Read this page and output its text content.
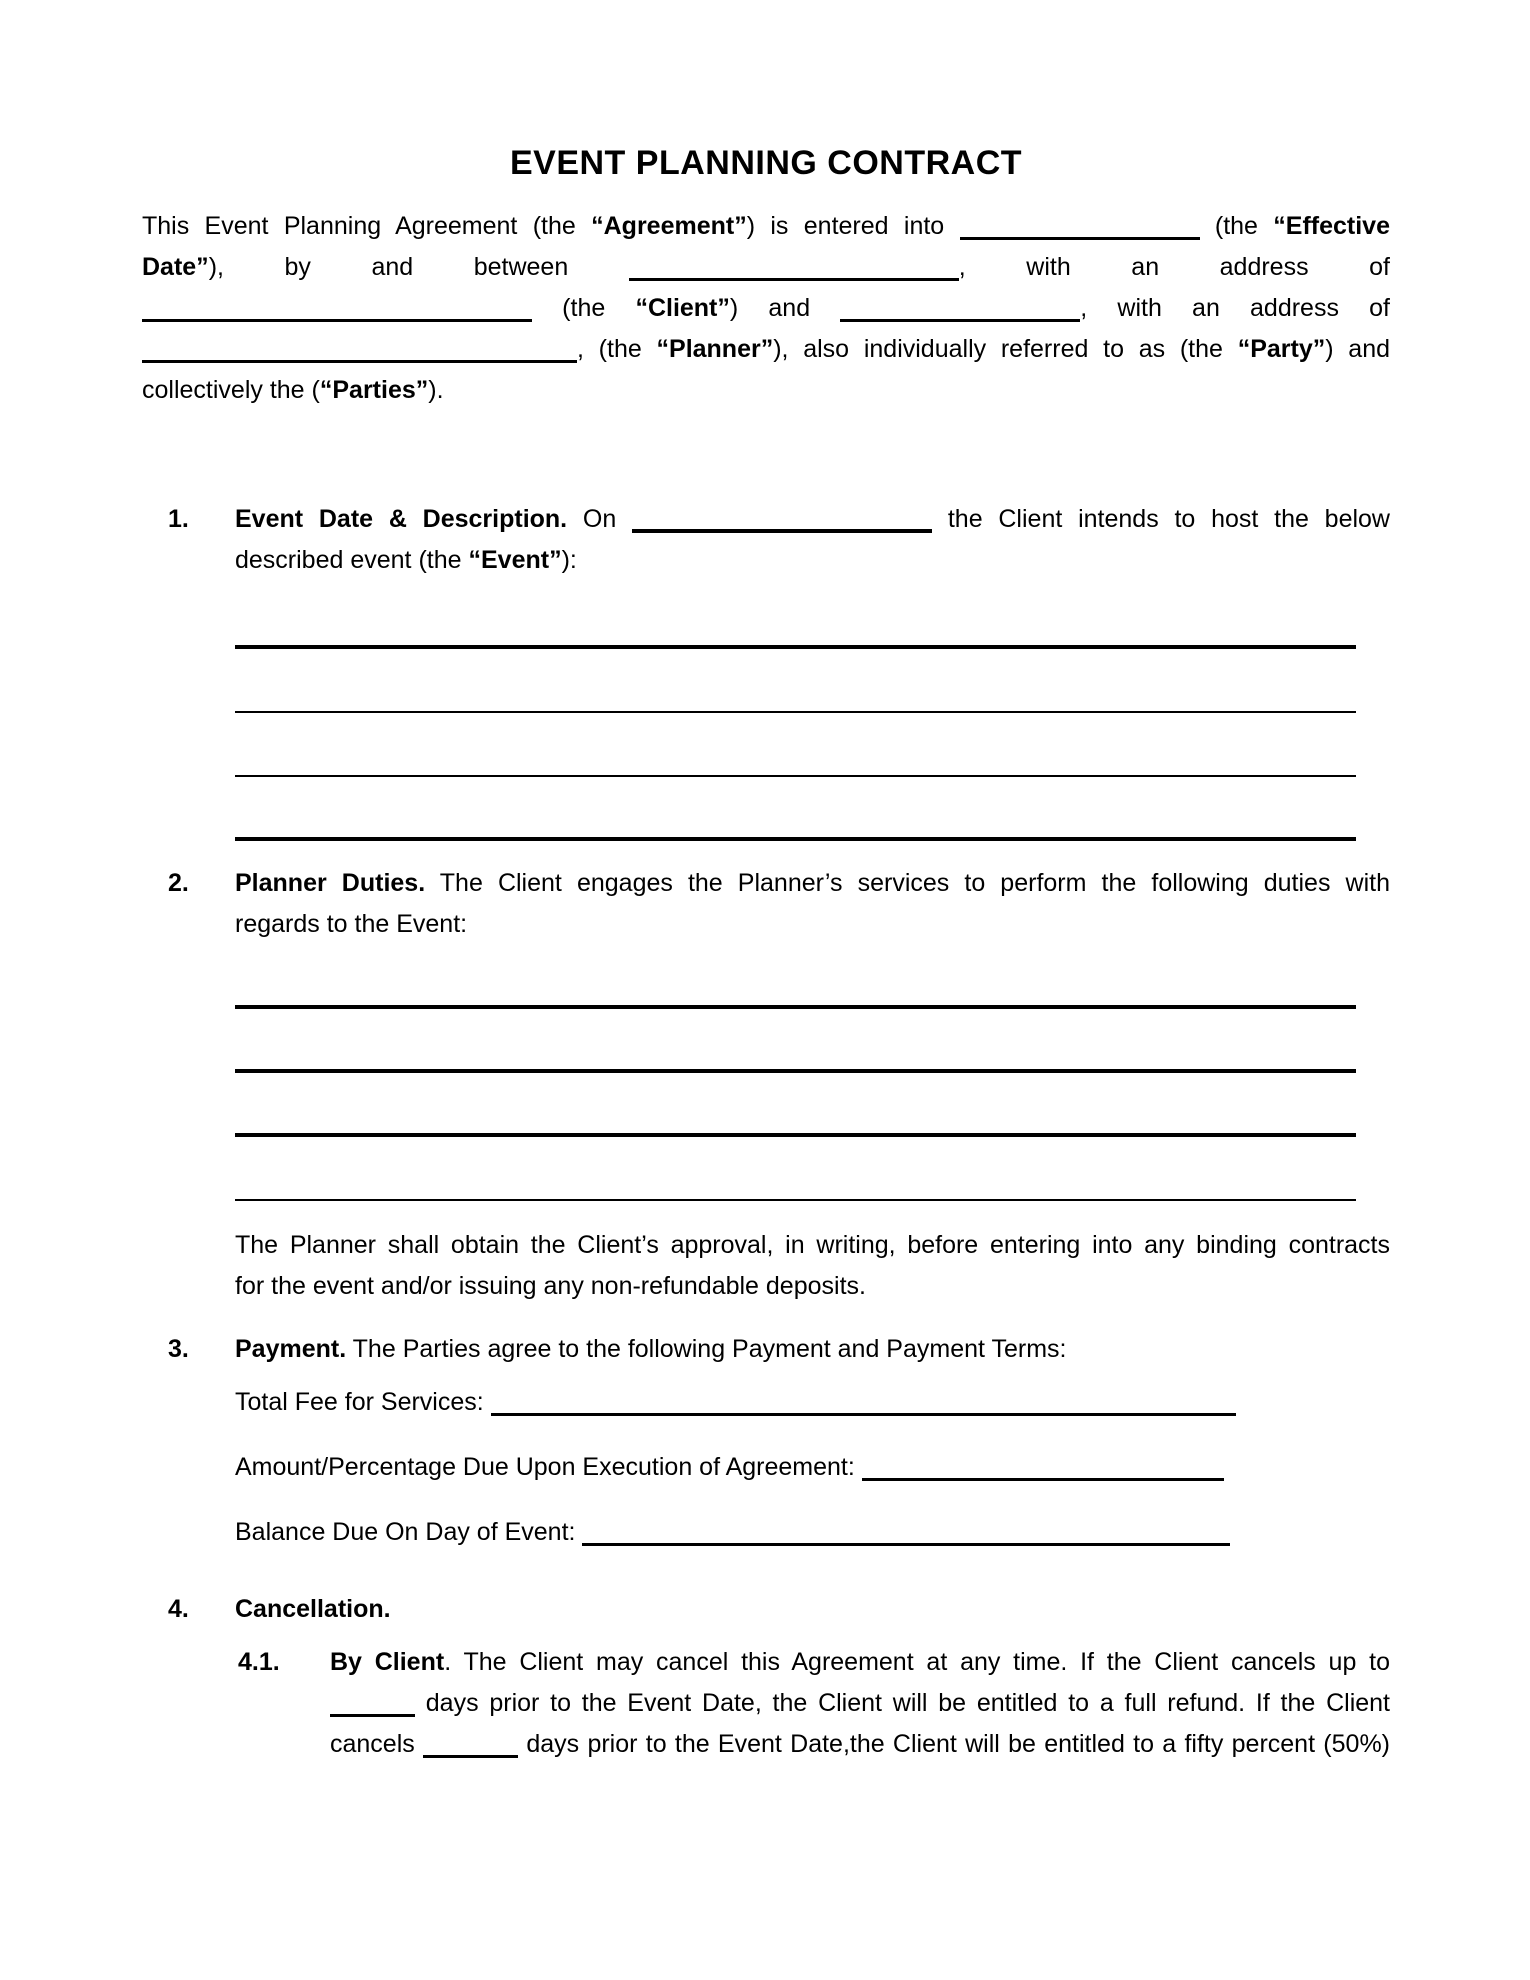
EVENT PLANNING CONTRACT
This Event Planning Agreement (the “Agreement”) is entered into	(the “Effective
Date”), by and between	, with an address of
(the “Client”) and	, with an address of
, (the “Planner”), also individually referred to as (the “Party”) and
collectively the (“Parties”).
1.	Event Date & Description. On	the Client intends to host the below
described event (the “Event”):
2.	Planner Duties. The Client engages the Planner’s services to perform the following duties with
regards to the Event:
The Planner shall obtain the Client’s approval, in writing, before entering into any binding contracts
for the event and/or issuing any non-refundable deposits.
3.	Payment. The Parties agree to the following Payment and Payment Terms:
Total Fee for Services:
Amount/Percentage Due Upon Execution of Agreement:
Balance Due On Day of Event:
4.	Cancellation.
4.1.	By Client. The Client may cancel this Agreement at any time. If the Client cancels up to
days prior to the Event Date, the Client will be entitled to a full refund. If the Client
cancels	days prior to the Event Date,the Client will be entitled to a fifty percent (50%)
